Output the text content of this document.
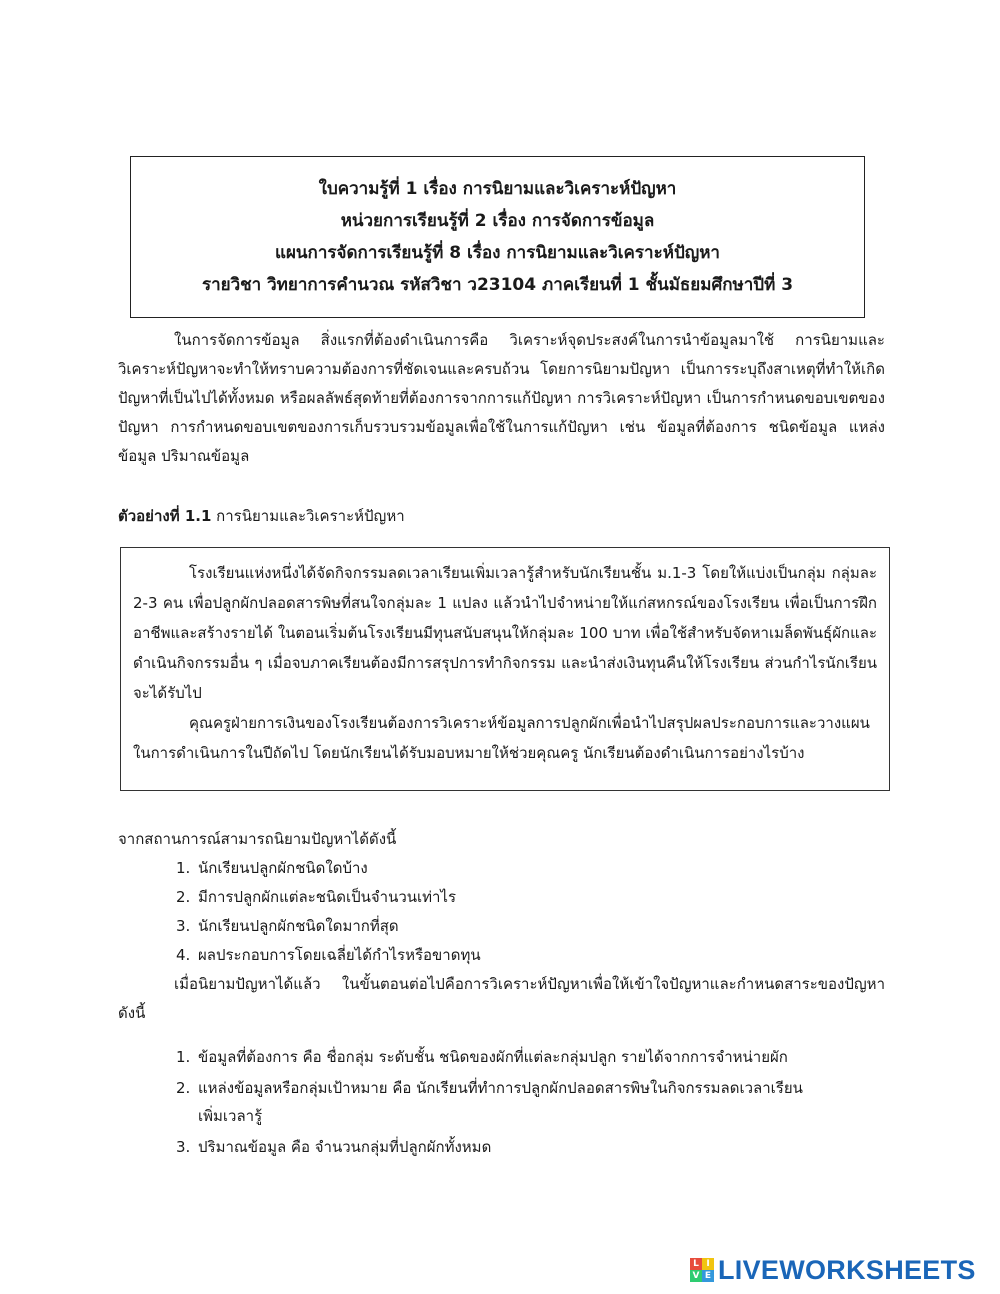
ใบความรู้ที่ 1 เรื่อง การนิยามและวิเคราะห์ปัญหา
หน่วยการเรียนรู้ที่ 2 เรื่อง การจัดการข้อมูล
แผนการจัดการเรียนรู้ที่ 8 เรื่อง การนิยามและวิเคราะห์ปัญหา
รายวิชา วิทยาการคำนวณ รหัสวิชา ว23104 ภาคเรียนที่ 1 ชั้นมัธยมศึกษาปีที่ 3

ในการจัดการข้อมูล สิ่งแรกที่ต้องดำเนินการคือ วิเคราะห์จุดประสงค์ในการนำข้อมูลมาใช้ การนิยามและวิเคราะห์ปัญหาจะทำให้ทราบความต้องการที่ชัดเจนและครบถ้วน โดยการนิยามปัญหา เป็นการระบุถึงสาเหตุที่ทำให้เกิดปัญหาที่เป็นไปได้ทั้งหมด หรือผลลัพธ์สุดท้ายที่ต้องการจากการแก้ปัญหา การวิเคราะห์ปัญหา เป็นการกำหนดขอบเขตของปัญหา การกำหนดขอบเขตของการเก็บรวบรวมข้อมูลเพื่อใช้ในการแก้ปัญหา เช่น ข้อมูลที่ต้องการ ชนิดข้อมูล แหล่งข้อมูล ปริมาณข้อมูล

ตัวอย่างที่ 1.1 การนิยามและวิเคราะห์ปัญหา

โรงเรียนแห่งหนึ่งได้จัดกิจกรรมลดเวลาเรียนเพิ่มเวลารู้สำหรับนักเรียนชั้น ม.1-3 โดยให้แบ่งเป็นกลุ่ม กลุ่มละ 2-3 คน เพื่อปลูกผักปลอดสารพิษที่สนใจกลุ่มละ 1 แปลง แล้วนำไปจำหน่ายให้แก่สหกรณ์ของโรงเรียน เพื่อเป็นการฝึกอาชีพและสร้างรายได้ ในตอนเริ่มต้นโรงเรียนมีทุนสนับสนุนให้กลุ่มละ 100 บาท เพื่อใช้สำหรับจัดหาเมล็ดพันธุ์ผักและดำเนินกิจกรรมอื่น ๆ เมื่อจบภาคเรียนต้องมีการสรุปการทำกิจกรรม และนำส่งเงินทุนคืนให้โรงเรียน ส่วนกำไรนักเรียนจะได้รับไป

คุณครูฝ่ายการเงินของโรงเรียนต้องการวิเคราะห์ข้อมูลการปลูกผักเพื่อนำไปสรุปผลประกอบการและวางแผนในการดำเนินการในปีถัดไป โดยนักเรียนได้รับมอบหมายให้ช่วยคุณครู นักเรียนต้องดำเนินการอย่างไรบ้าง

จากสถานการณ์สามารถนิยามปัญหาได้ดังนี้
1. นักเรียนปลูกผักชนิดใดบ้าง
2. มีการปลูกผักแต่ละชนิดเป็นจำนวนเท่าไร
3. นักเรียนปลูกผักชนิดใดมากที่สุด
4. ผลประกอบการโดยเฉลี่ยได้กำไรหรือขาดทุน

เมื่อนิยามปัญหาได้แล้ว ในขั้นตอนต่อไปคือการวิเคราะห์ปัญหาเพื่อให้เข้าใจปัญหาและกำหนดสาระของปัญหา ดังนี้

1. ข้อมูลที่ต้องการ คือ ชื่อกลุ่ม ระดับชั้น ชนิดของผักที่แต่ละกลุ่มปลูก รายได้จากการจำหน่ายผัก
2. แหล่งข้อมูลหรือกลุ่มเป้าหมาย คือ นักเรียนที่ทำการปลูกผักปลอดสารพิษในกิจกรรมลดเวลาเรียน
เพิ่มเวลารู้
3. ปริมาณข้อมูล คือ จำนวนกลุ่มที่ปลูกผักทั้งหมด
L I
V E LIVEWORKSHEETS
